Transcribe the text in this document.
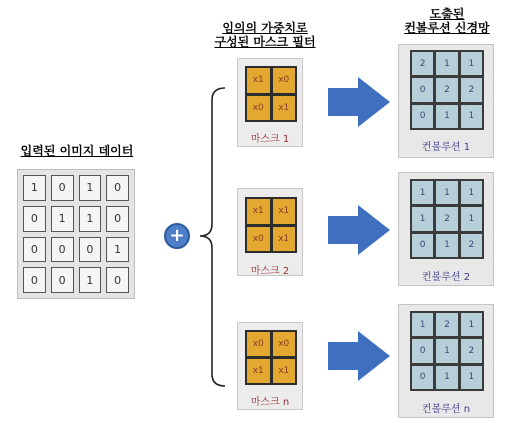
임의의 가중치로
구성된 마스크 필터
도출된
컨볼루션 신경망
입력된 이미지 데이터
1	0	1	0
0	1	1	0
0	0	0	1
0	0	1	0
+
x1	x0
x0	x1
마스크 1
x1	x1
x0	x1
마스크 2
x0	x0
x1	x1
마스크 n
2	1	1
0	2	2
0	1	1
컨볼루션 1
1	1	1
1	2	1
0	1	2
컨볼루션 2
1	2	1
0	1	2
0	1	1
컨볼루션 n
